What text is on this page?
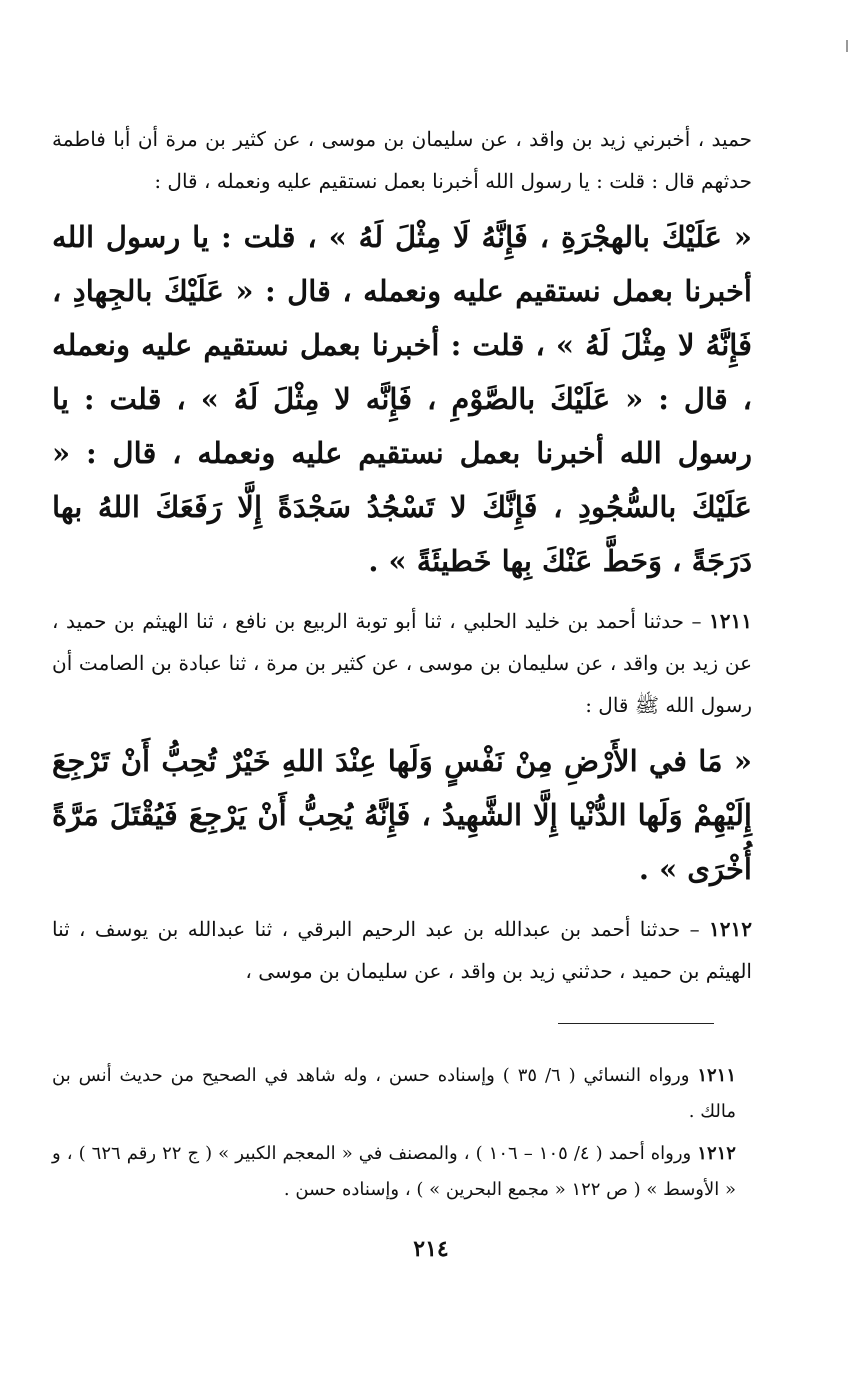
حميد ، أخبرني زيد بن واقد ، عن سليمان بن موسى ، عن كثير بن مرة أن أبا فاطمة حدثهم قال : قلت : يا رسول الله أخبرنا بعمل نستقيم عليه ونعمله ، قال :

« عَلَيْكَ بالهجْرَةِ ، فَإِنَّهُ لَا مِثْلَ لَهُ » ، قلت : يا رسول الله أخبرنا بعمل نستقيم عليه ونعمله ، قال : « عَلَيْكَ بالجِهادِ ، فَإِنَّهُ لا مِثْلَ لَهُ » ، قلت : أخبرنا بعمل نستقيم عليه ونعمله ، قال : « عَلَيْكَ بالصَّوْمِ ، فَإِنَّه لا مِثْلَ لَهُ » ، قلت : يا رسول الله أخبرنا بعمل نستقيم عليه ونعمله ، قال : « عَلَيْكَ بالسُّجُودِ ، فَإِنَّكَ لا تَسْجُدُ سَجْدَةً إِلَّا رَفَعَكَ اللهُ بها دَرَجَةً ، وَحَطَّ عَنْكَ بِها خَطيئَةً » .

١٢١١ – حدثنا أحمد بن خليد الحلبي ، ثنا أبو توبة الربيع بن نافع ، ثنا الهيثم بن حميد ، عن زيد بن واقد ، عن سليمان بن موسى ، عن كثير بن مرة ، ثنا عبادة بن الصامت أن رسول الله ﷺ قال :

« مَا في الأَرْضِ مِنْ نَفْسٍ وَلَها عِنْدَ اللهِ خَيْرٌ تُحِبُّ أَنْ تَرْجِعَ إِلَيْهِمْ وَلَها الدُّنْيا إِلَّا الشَّهِيدُ ، فَإِنَّهُ يُحِبُّ أَنْ يَرْجِعَ فَيُقْتَلَ مَرَّةً أُخْرَى » .

١٢١٢ – حدثنا أحمد بن عبدالله بن عبد الرحيم البرقي ، ثنا عبدالله بن يوسف ، ثنا الهيثم بن حميد ، حدثني زيد بن واقد ، عن سليمان بن موسى ،

١٢١١ ورواه النسائي ( ٦/ ٣٥ ) وإسناده حسن ، وله شاهد في الصحيح من حديث أنس بن مالك .

١٢١٢ ورواه أحمد ( ٤/ ١٠٥ – ١٠٦ ) ، والمصنف في « المعجم الكبير » ( ج ٢٢ رقم ٦٢٦ ) ، و « الأوسط » ( ص ١٢٢ « مجمع البحرين » ) ، وإسناده حسن .

٢١٤
